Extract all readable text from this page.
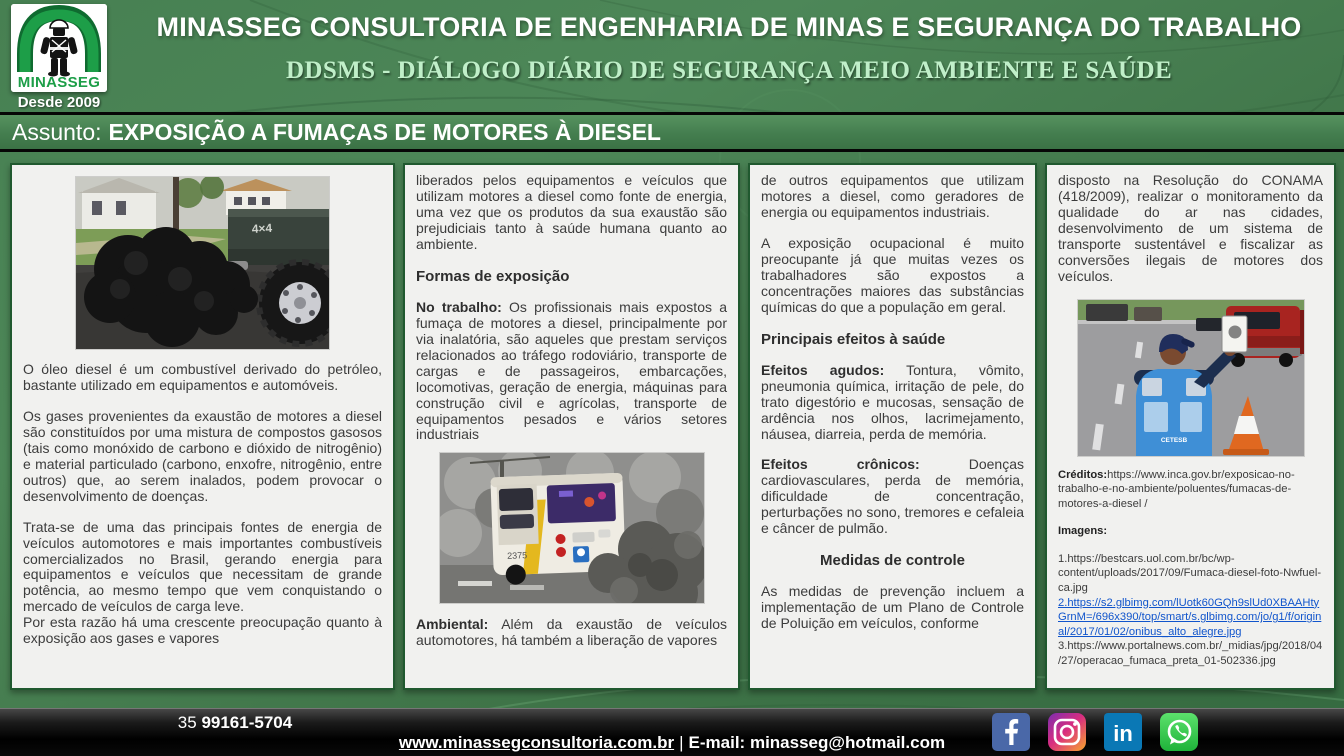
MINASSEG
Desde 2009
MINASSEG CONSULTORIA DE ENGENHARIA DE MINAS E SEGURANÇA DO TRABALHO
DDSMS - DIÁLOGO DIÁRIO DE SEGURANÇA MEIO AMBIENTE E SAÚDE
Assunto: EXPOSIÇÃO A FUMAÇAS DE MOTORES À DIESEL
4×4

O óleo diesel é um combustível derivado do petróleo, bastante utilizado em equipamentos e automóveis.

Os gases provenientes da exaustão de motores a diesel são constituídos por uma mistura de compostos gasosos (tais como monóxido de carbono e dióxido de nitrogênio) e material particulado (carbono, enxofre, nitrogênio, entre outros) que, ao serem inalados, podem provocar o desenvolvimento de doenças.

Trata-se de uma das principais fontes de energia de veículos automotores e mais importantes combustíveis comercializados no Brasil, gerando energia para equipamentos e veículos que necessitam de grande potência, ao mesmo tempo que vem conquistando o mercado de veículos de carga leve.

Por esta razão há uma crescente preocupação quanto à exposição aos gases e vapores

liberados pelos equipamentos e veículos que utilizam motores a diesel como fonte de energia, uma vez que os produtos da sua exaustão são prejudiciais tanto à saúde humana quanto ao ambiente.

Formas de exposição

No trabalho: Os profissionais mais expostos a fumaça de motores a diesel, principalmente por via inalatória, são aqueles que prestam serviços relacionados ao tráfego rodoviário, transporte de cargas e de passageiros, embarcações, locomotivas, geração de energia, máquinas para construção civil e agrícolas, transporte de equipamentos pesados e vários setores industriais

2375

Ambiental: Além da exaustão de veículos automotores, há também a liberação de vapores

de outros equipamentos que utilizam motores a diesel, como geradores de energia ou equipamentos industriais.

A exposição ocupacional é muito preocupante já que muitas vezes os trabalhadores são expostos a concentrações maiores das substâncias químicas do que a população em geral.

Principais efeitos à saúde

Efeitos agudos: Tontura, vômito, pneumonia química, irritação de pele, do trato digestório e mucosas, sensação de ardência nos olhos, lacrimejamento, náusea, diarreia, perda de memória.

Efeitos crônicos: Doenças cardiovasculares, perda de memória, dificuldade de concentração, perturbações no sono, tremores e cefaleia e câncer de pulmão.

Medidas de controle

As medidas de prevenção incluem a implementação de um Plano de Controle de Poluição em veículos, conforme

disposto na Resolução do CONAMA (418/2009), realizar o monitoramento da qualidade do ar nas cidades, desenvolvimento de um sistema de transporte sustentável e fiscalizar as conversões ilegais de motores dos veículos.

CETESB
Créditos:https://www.inca.gov.br/exposicao-no-trabalho-e-no-ambiente/poluentes/fumacas-de-motores-a-diesel /
Imagens:
1.https://bestcars.uol.com.br/bc/wp-content/uploads/2017/09/Fumaca-diesel-foto-Nwfuel-ca.jpg
2.https://s2.glbimg.com/lUotk60GQh9slUd0XBAAHtyGrnM=/696x390/top/smart/s.glbimg.com/jo/g1/f/original/2017/01/02/onibus_alto_alegre.jpg
3.https://www.portalnews.com.br/_midias/jpg/2018/04/27/operacao_fumaca_preta_01-502336.jpg
35 99161-5704
www.minassegconsultoria.com.br | E-mail: minasseg@hotmail.com	in
